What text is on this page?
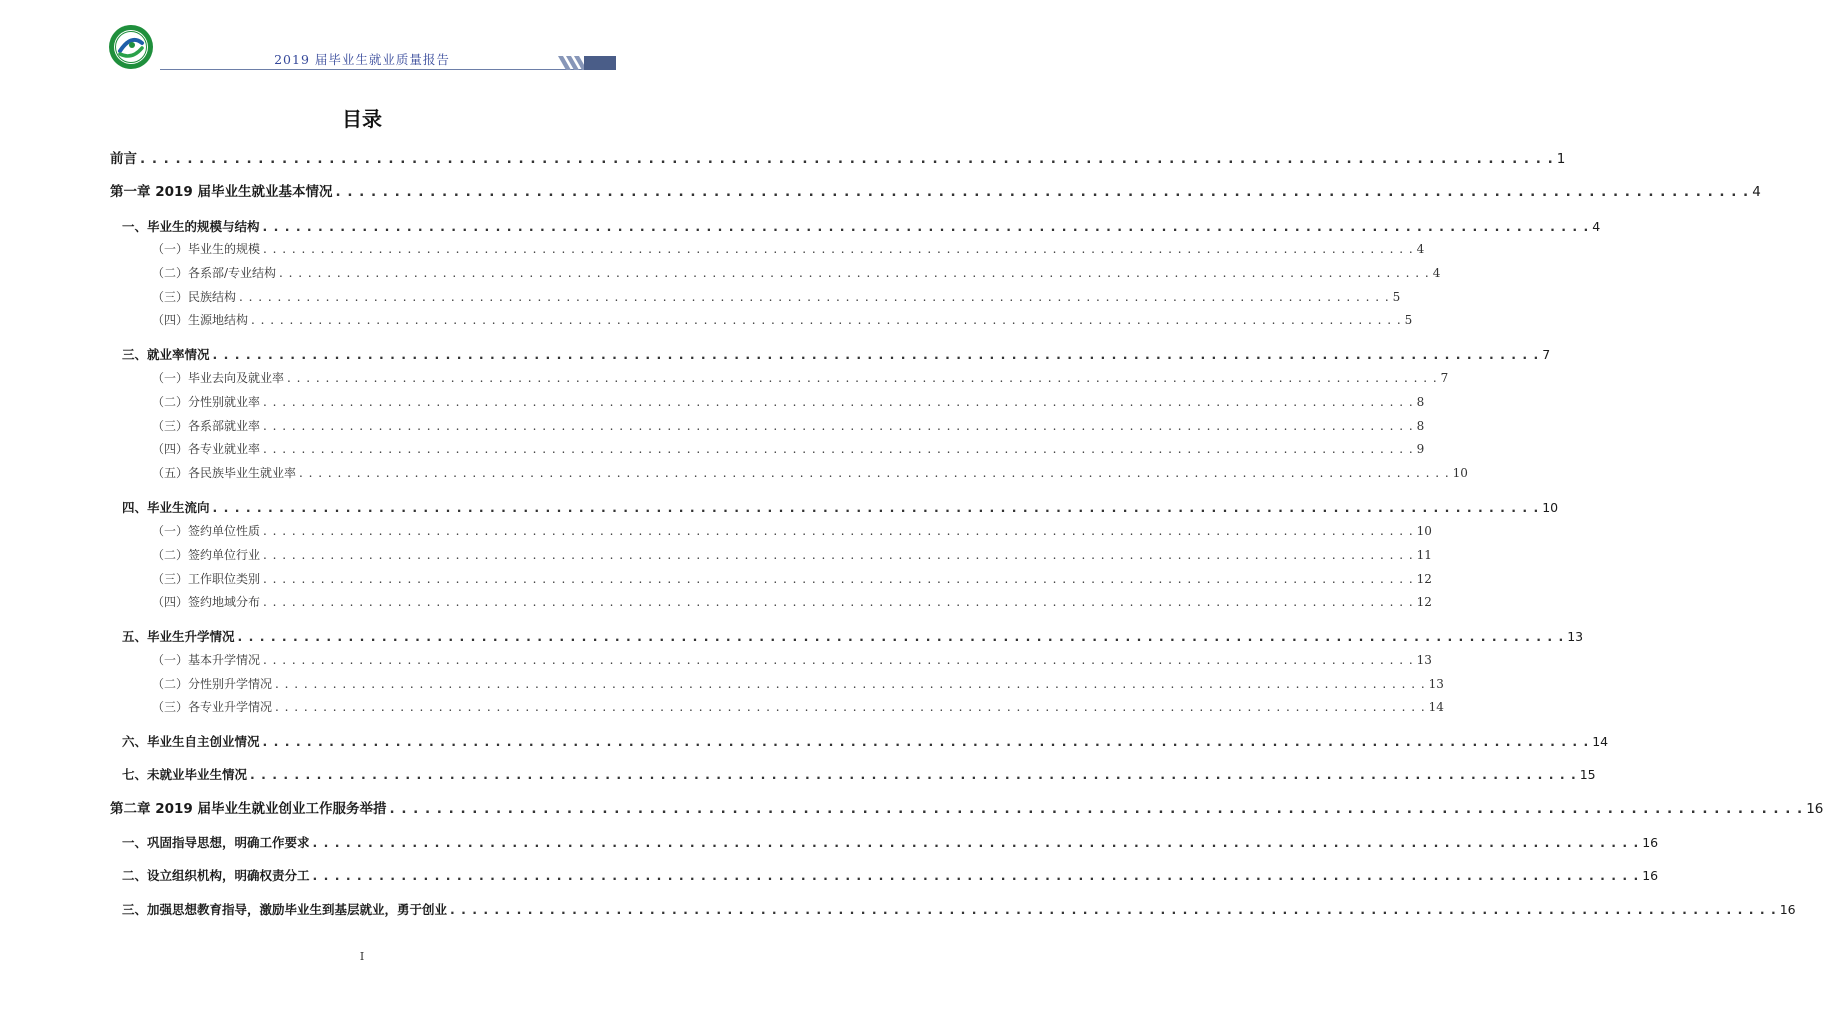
2019 届毕业生就业质量报告
目录
前言 . . . . . . . . . . . . . . . . . . . . . . . . . . . . . . . . . . . . . . . . . . . . . . . . . . . . . . . . . . . . . . . . . . . . . . . . . . . . . . . . . . . . . . . . . . . . . . . . . . . . . . . . . . . . . . . . . . . . . . . . 1
第一章 2019 届毕业生就业基本情况 . . . . . . . . . . . . . . . . . . . . . . . . . . . . . . . . . . . . . . . . . . . . . . . . . . . . . . . . . . . . . . . . . . . . . . . . . . . . . . . . . . . . . . . . . . . . . . . . . . . . . . . . . . . . . . . . . . . . . . . . 4
一、毕业生的规模与结构 . . . . . . . . . . . . . . . . . . . . . . . . . . . . . . . . . . . . . . . . . . . . . . . . . . . . . . . . . . . . . . . . . . . . . . . . . . . . . . . . . . . . . . . . . . . . . . . . . . . . . . . . . . . . . . . . . . . . . . . . 4
（一）毕业生的规模 . . . . . . . . . . . . . . . . . . . . . . . . . . . . . . . . . . . . . . . . . . . . . . . . . . . . . . . . . . . . . . . . . . . . . . . . . . . . . . . . . . . . . . . . . . . . . . . . . . . . . . . . . . . . . . . . . . . . . . . . 4
（二）各系部/专业结构 . . . . . . . . . . . . . . . . . . . . . . . . . . . . . . . . . . . . . . . . . . . . . . . . . . . . . . . . . . . . . . . . . . . . . . . . . . . . . . . . . . . . . . . . . . . . . . . . . . . . . . . . . . . . . . . . . . . . . . . . 4
（三）民族结构 . . . . . . . . . . . . . . . . . . . . . . . . . . . . . . . . . . . . . . . . . . . . . . . . . . . . . . . . . . . . . . . . . . . . . . . . . . . . . . . . . . . . . . . . . . . . . . . . . . . . . . . . . . . . . . . . . . . . . . . . 5
（四）生源地结构 . . . . . . . . . . . . . . . . . . . . . . . . . . . . . . . . . . . . . . . . . . . . . . . . . . . . . . . . . . . . . . . . . . . . . . . . . . . . . . . . . . . . . . . . . . . . . . . . . . . . . . . . . . . . . . . . . . . . . . . . 5
三、就业率情况 . . . . . . . . . . . . . . . . . . . . . . . . . . . . . . . . . . . . . . . . . . . . . . . . . . . . . . . . . . . . . . . . . . . . . . . . . . . . . . . . . . . . . . . . . . . . . . . . . . . . . . . . . . . . . . . . . . . . . . . . 7
（一）毕业去向及就业率 . . . . . . . . . . . . . . . . . . . . . . . . . . . . . . . . . . . . . . . . . . . . . . . . . . . . . . . . . . . . . . . . . . . . . . . . . . . . . . . . . . . . . . . . . . . . . . . . . . . . . . . . . . . . . . . . . . . . . . . . 7
（二）分性别就业率 . . . . . . . . . . . . . . . . . . . . . . . . . . . . . . . . . . . . . . . . . . . . . . . . . . . . . . . . . . . . . . . . . . . . . . . . . . . . . . . . . . . . . . . . . . . . . . . . . . . . . . . . . . . . . . . . . . . . . . . . 8
（三）各系部就业率 . . . . . . . . . . . . . . . . . . . . . . . . . . . . . . . . . . . . . . . . . . . . . . . . . . . . . . . . . . . . . . . . . . . . . . . . . . . . . . . . . . . . . . . . . . . . . . . . . . . . . . . . . . . . . . . . . . . . . . . . 8
（四）各专业就业率 . . . . . . . . . . . . . . . . . . . . . . . . . . . . . . . . . . . . . . . . . . . . . . . . . . . . . . . . . . . . . . . . . . . . . . . . . . . . . . . . . . . . . . . . . . . . . . . . . . . . . . . . . . . . . . . . . . . . . . . . 9
（五）各民族毕业生就业率 . . . . . . . . . . . . . . . . . . . . . . . . . . . . . . . . . . . . . . . . . . . . . . . . . . . . . . . . . . . . . . . . . . . . . . . . . . . . . . . . . . . . . . . . . . . . . . . . . . . . . . . . . . . . . . . . . . . . . . . . 10
四、毕业生流向 . . . . . . . . . . . . . . . . . . . . . . . . . . . . . . . . . . . . . . . . . . . . . . . . . . . . . . . . . . . . . . . . . . . . . . . . . . . . . . . . . . . . . . . . . . . . . . . . . . . . . . . . . . . . . . . . . . . . . . . . 10
（一）签约单位性质 . . . . . . . . . . . . . . . . . . . . . . . . . . . . . . . . . . . . . . . . . . . . . . . . . . . . . . . . . . . . . . . . . . . . . . . . . . . . . . . . . . . . . . . . . . . . . . . . . . . . . . . . . . . . . . . . . . . . . . . . 10
（二）签约单位行业 . . . . . . . . . . . . . . . . . . . . . . . . . . . . . . . . . . . . . . . . . . . . . . . . . . . . . . . . . . . . . . . . . . . . . . . . . . . . . . . . . . . . . . . . . . . . . . . . . . . . . . . . . . . . . . . . . . . . . . . . 11
（三）工作职位类别 . . . . . . . . . . . . . . . . . . . . . . . . . . . . . . . . . . . . . . . . . . . . . . . . . . . . . . . . . . . . . . . . . . . . . . . . . . . . . . . . . . . . . . . . . . . . . . . . . . . . . . . . . . . . . . . . . . . . . . . . 12
（四）签约地域分布 . . . . . . . . . . . . . . . . . . . . . . . . . . . . . . . . . . . . . . . . . . . . . . . . . . . . . . . . . . . . . . . . . . . . . . . . . . . . . . . . . . . . . . . . . . . . . . . . . . . . . . . . . . . . . . . . . . . . . . . . 12
五、毕业生升学情况 . . . . . . . . . . . . . . . . . . . . . . . . . . . . . . . . . . . . . . . . . . . . . . . . . . . . . . . . . . . . . . . . . . . . . . . . . . . . . . . . . . . . . . . . . . . . . . . . . . . . . . . . . . . . . . . . . . . . . . . . 13
（一）基本升学情况 . . . . . . . . . . . . . . . . . . . . . . . . . . . . . . . . . . . . . . . . . . . . . . . . . . . . . . . . . . . . . . . . . . . . . . . . . . . . . . . . . . . . . . . . . . . . . . . . . . . . . . . . . . . . . . . . . . . . . . . . 13
（二）分性别升学情况 . . . . . . . . . . . . . . . . . . . . . . . . . . . . . . . . . . . . . . . . . . . . . . . . . . . . . . . . . . . . . . . . . . . . . . . . . . . . . . . . . . . . . . . . . . . . . . . . . . . . . . . . . . . . . . . . . . . . . . . . 13
（三）各专业升学情况 . . . . . . . . . . . . . . . . . . . . . . . . . . . . . . . . . . . . . . . . . . . . . . . . . . . . . . . . . . . . . . . . . . . . . . . . . . . . . . . . . . . . . . . . . . . . . . . . . . . . . . . . . . . . . . . . . . . . . . . . 14
六、毕业生自主创业情况 . . . . . . . . . . . . . . . . . . . . . . . . . . . . . . . . . . . . . . . . . . . . . . . . . . . . . . . . . . . . . . . . . . . . . . . . . . . . . . . . . . . . . . . . . . . . . . . . . . . . . . . . . . . . . . . . . . . . . . . . 14
七、未就业毕业生情况 . . . . . . . . . . . . . . . . . . . . . . . . . . . . . . . . . . . . . . . . . . . . . . . . . . . . . . . . . . . . . . . . . . . . . . . . . . . . . . . . . . . . . . . . . . . . . . . . . . . . . . . . . . . . . . . . . . . . . . . . 15
第二章 2019 届毕业生就业创业工作服务举措 . . . . . . . . . . . . . . . . . . . . . . . . . . . . . . . . . . . . . . . . . . . . . . . . . . . . . . . . . . . . . . . . . . . . . . . . . . . . . . . . . . . . . . . . . . . . . . . . . . . . . . . . . . . . . . . . . . . . . . . . 16
一、巩固指导思想，明确工作要求 . . . . . . . . . . . . . . . . . . . . . . . . . . . . . . . . . . . . . . . . . . . . . . . . . . . . . . . . . . . . . . . . . . . . . . . . . . . . . . . . . . . . . . . . . . . . . . . . . . . . . . . . . . . . . . . . . . . . . . . . 16
二、设立组织机构，明确权责分工 . . . . . . . . . . . . . . . . . . . . . . . . . . . . . . . . . . . . . . . . . . . . . . . . . . . . . . . . . . . . . . . . . . . . . . . . . . . . . . . . . . . . . . . . . . . . . . . . . . . . . . . . . . . . . . . . . . . . . . . . 16
三、加强思想教育指导，激励毕业生到基层就业，勇于创业 . . . . . . . . . . . . . . . . . . . . . . . . . . . . . . . . . . . . . . . . . . . . . . . . . . . . . . . . . . . . . . . . . . . . . . . . . . . . . . . . . . . . . . . . . . . . . . . . . . . . . . . . . . . . . . . . . . . . . . . . 16
I
